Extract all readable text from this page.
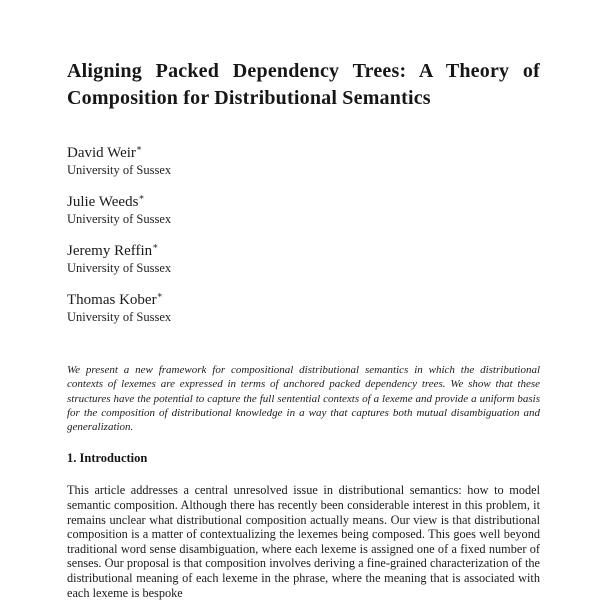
Aligning Packed Dependency Trees: A Theory of
Composition for Distributional Semantics
David Weir∗
University of Sussex
Julie Weeds∗
University of Sussex
Jeremy Reffin∗
University of Sussex
Thomas Kober∗
University of Sussex

We present a new framework for compositional distributional semantics in which the distributional contexts of lexemes are expressed in terms of anchored packed dependency trees. We show that these structures have the potential to capture the full sentential contexts of a lexeme and provide a uniform basis for the composition of distributional knowledge in a way that captures both mutual disambiguation and generalization.

1. Introduction

This article addresses a central unresolved issue in distributional semantics: how to model semantic composition. Although there has recently been considerable interest in this problem, it remains unclear what distributional composition actually means. Our view is that distributional composition is a matter of contextualizing the lexemes being composed. This goes well beyond traditional word sense disambiguation, where each lexeme is assigned one of a fixed number of senses. Our proposal is that composition involves deriving a fine-grained characterization of the distributional meaning of each lexeme in the phrase, where the meaning that is associated with each lexeme is bespoke
